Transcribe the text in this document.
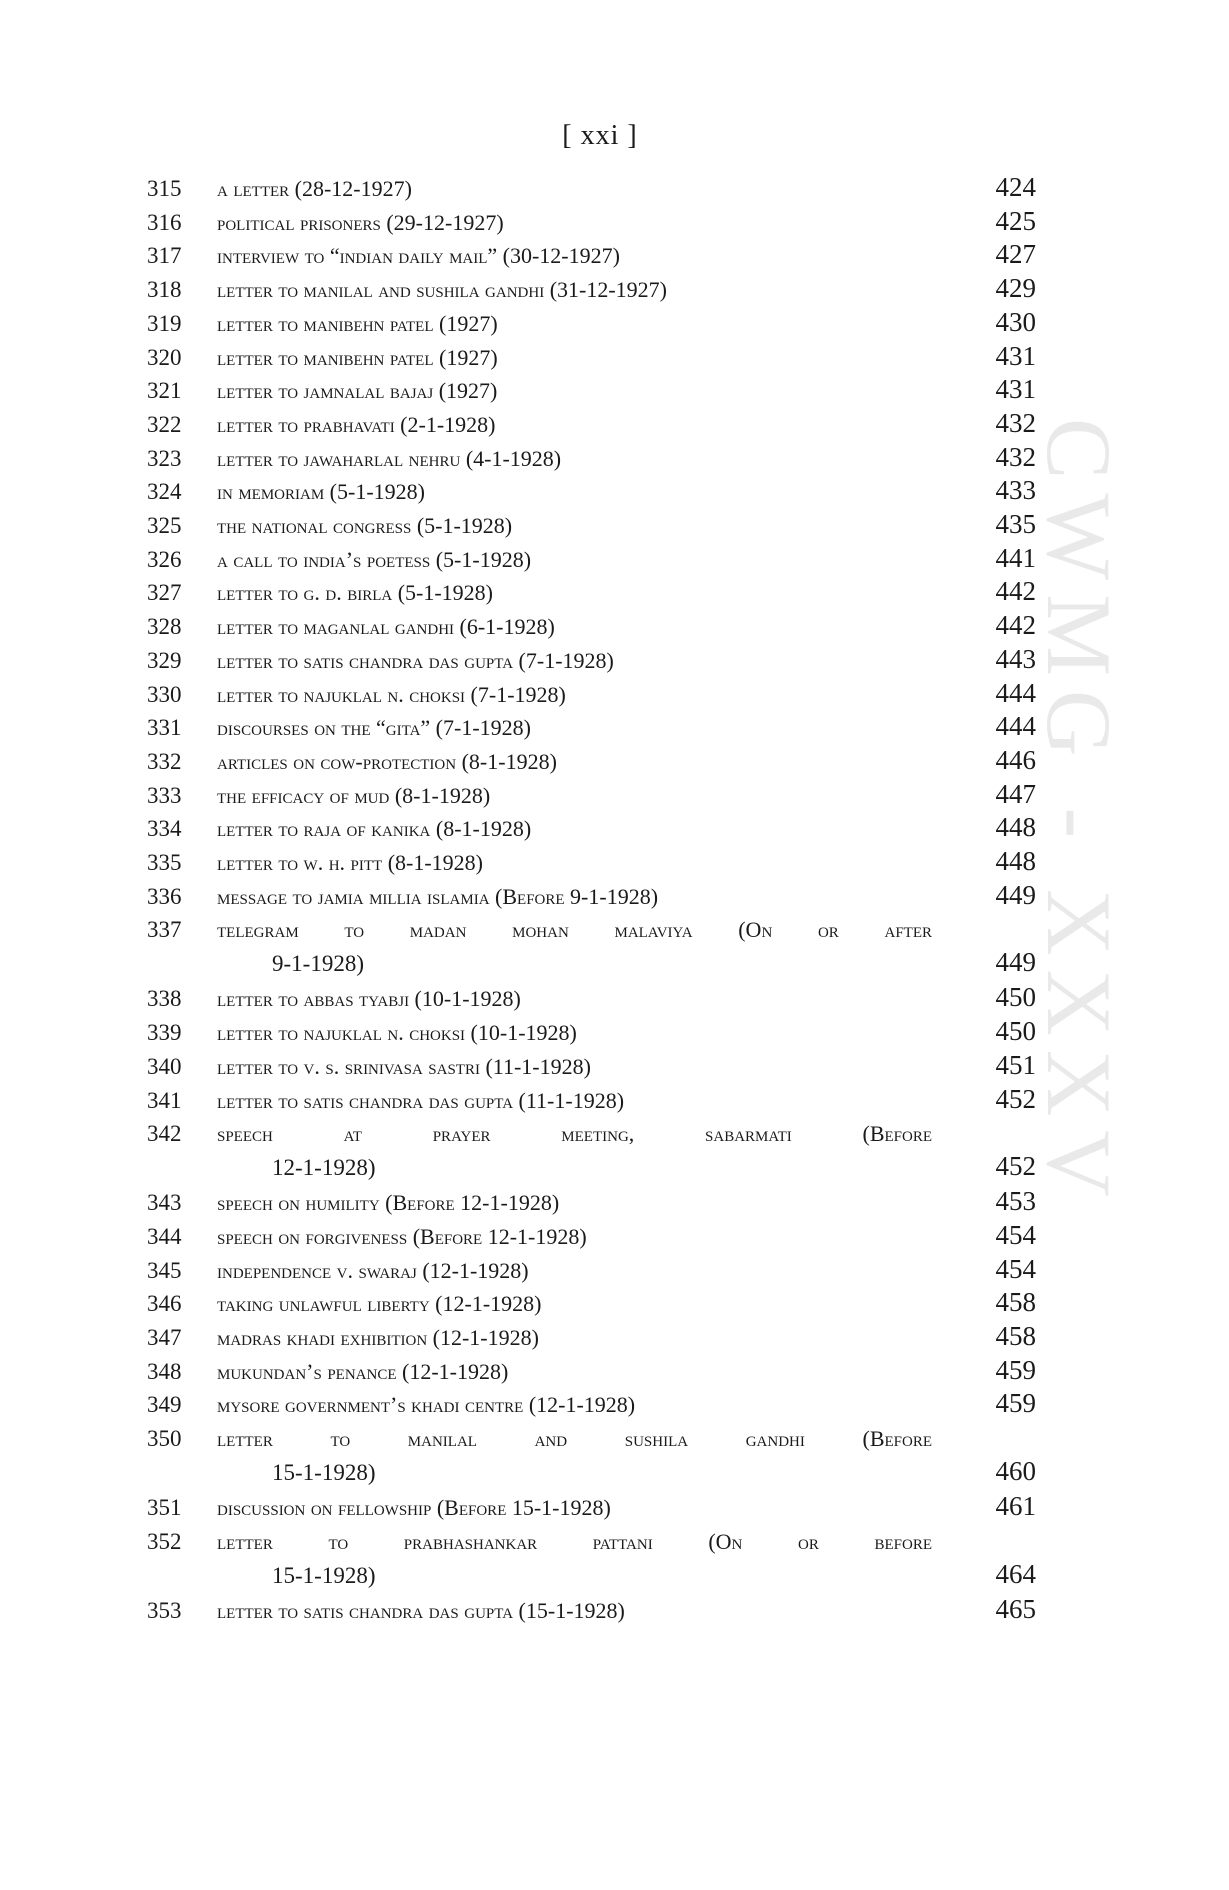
[ xxi ]
CWMG - XXXV
315	a letter (28-12-1927)	424
316	political prisoners (29-12-1927)	425
317	interview to “indian daily mail” (30-12-1927)	427
318	letter to manilal and sushila gandhi (31-12-1927)	429
319	letter to manibehn patel (1927)	430
320	letter to manibehn patel (1927)	431
321	letter to jamnalal bajaj (1927)	431
322	letter to prabhavati (2-1-1928)	432
323	letter to jawaharlal nehru (4-1-1928)	432
324	in memoriam (5-1-1928)	433
325	the national congress (5-1-1928)	435
326	a call to india’s poetess (5-1-1928)	441
327	letter to g. d. birla (5-1-1928)	442
328	letter to maganlal gandhi (6-1-1928)	442
329	letter to satis chandra das gupta (7-1-1928)	443
330	letter to najuklal n. choksi (7-1-1928)	444
331	discourses on the “gita” (7-1-1928)	444
332	articles on cow-protection (8-1-1928)	446
333	the efficacy of mud (8-1-1928)	447
334	letter to raja of kanika (8-1-1928)	448
335	letter to w. h. pitt (8-1-1928)	448
336	message to jamia millia islamia (Before 9-1-1928)	449
337	telegram to madan mohan malaviya (On or after
9-1-1928)	449
338	letter to abbas tyabji (10-1-1928)	450
339	letter to najuklal n. choksi (10-1-1928)	450
340	letter to v. s. srinivasa sastri (11-1-1928)	451
341	letter to satis chandra das gupta (11-1-1928)	452
342	speech at prayer meeting, sabarmati (Before
12-1-1928)	452
343	speech on humility (Before 12-1-1928)	453
344	speech on forgiveness (Before 12-1-1928)	454
345	independence v. swaraj (12-1-1928)	454
346	taking unlawful liberty (12-1-1928)	458
347	madras khadi exhibition (12-1-1928)	458
348	mukundan’s penance (12-1-1928)	459
349	mysore government’s khadi centre (12-1-1928)	459
350	letter to manilal and sushila gandhi (Before
15-1-1928)	460
351	discussion on fellowship (Before 15-1-1928)	461
352	letter to prabhashankar pattani (On or before
15-1-1928)	464
353	letter to satis chandra das gupta (15-1-1928)	465
